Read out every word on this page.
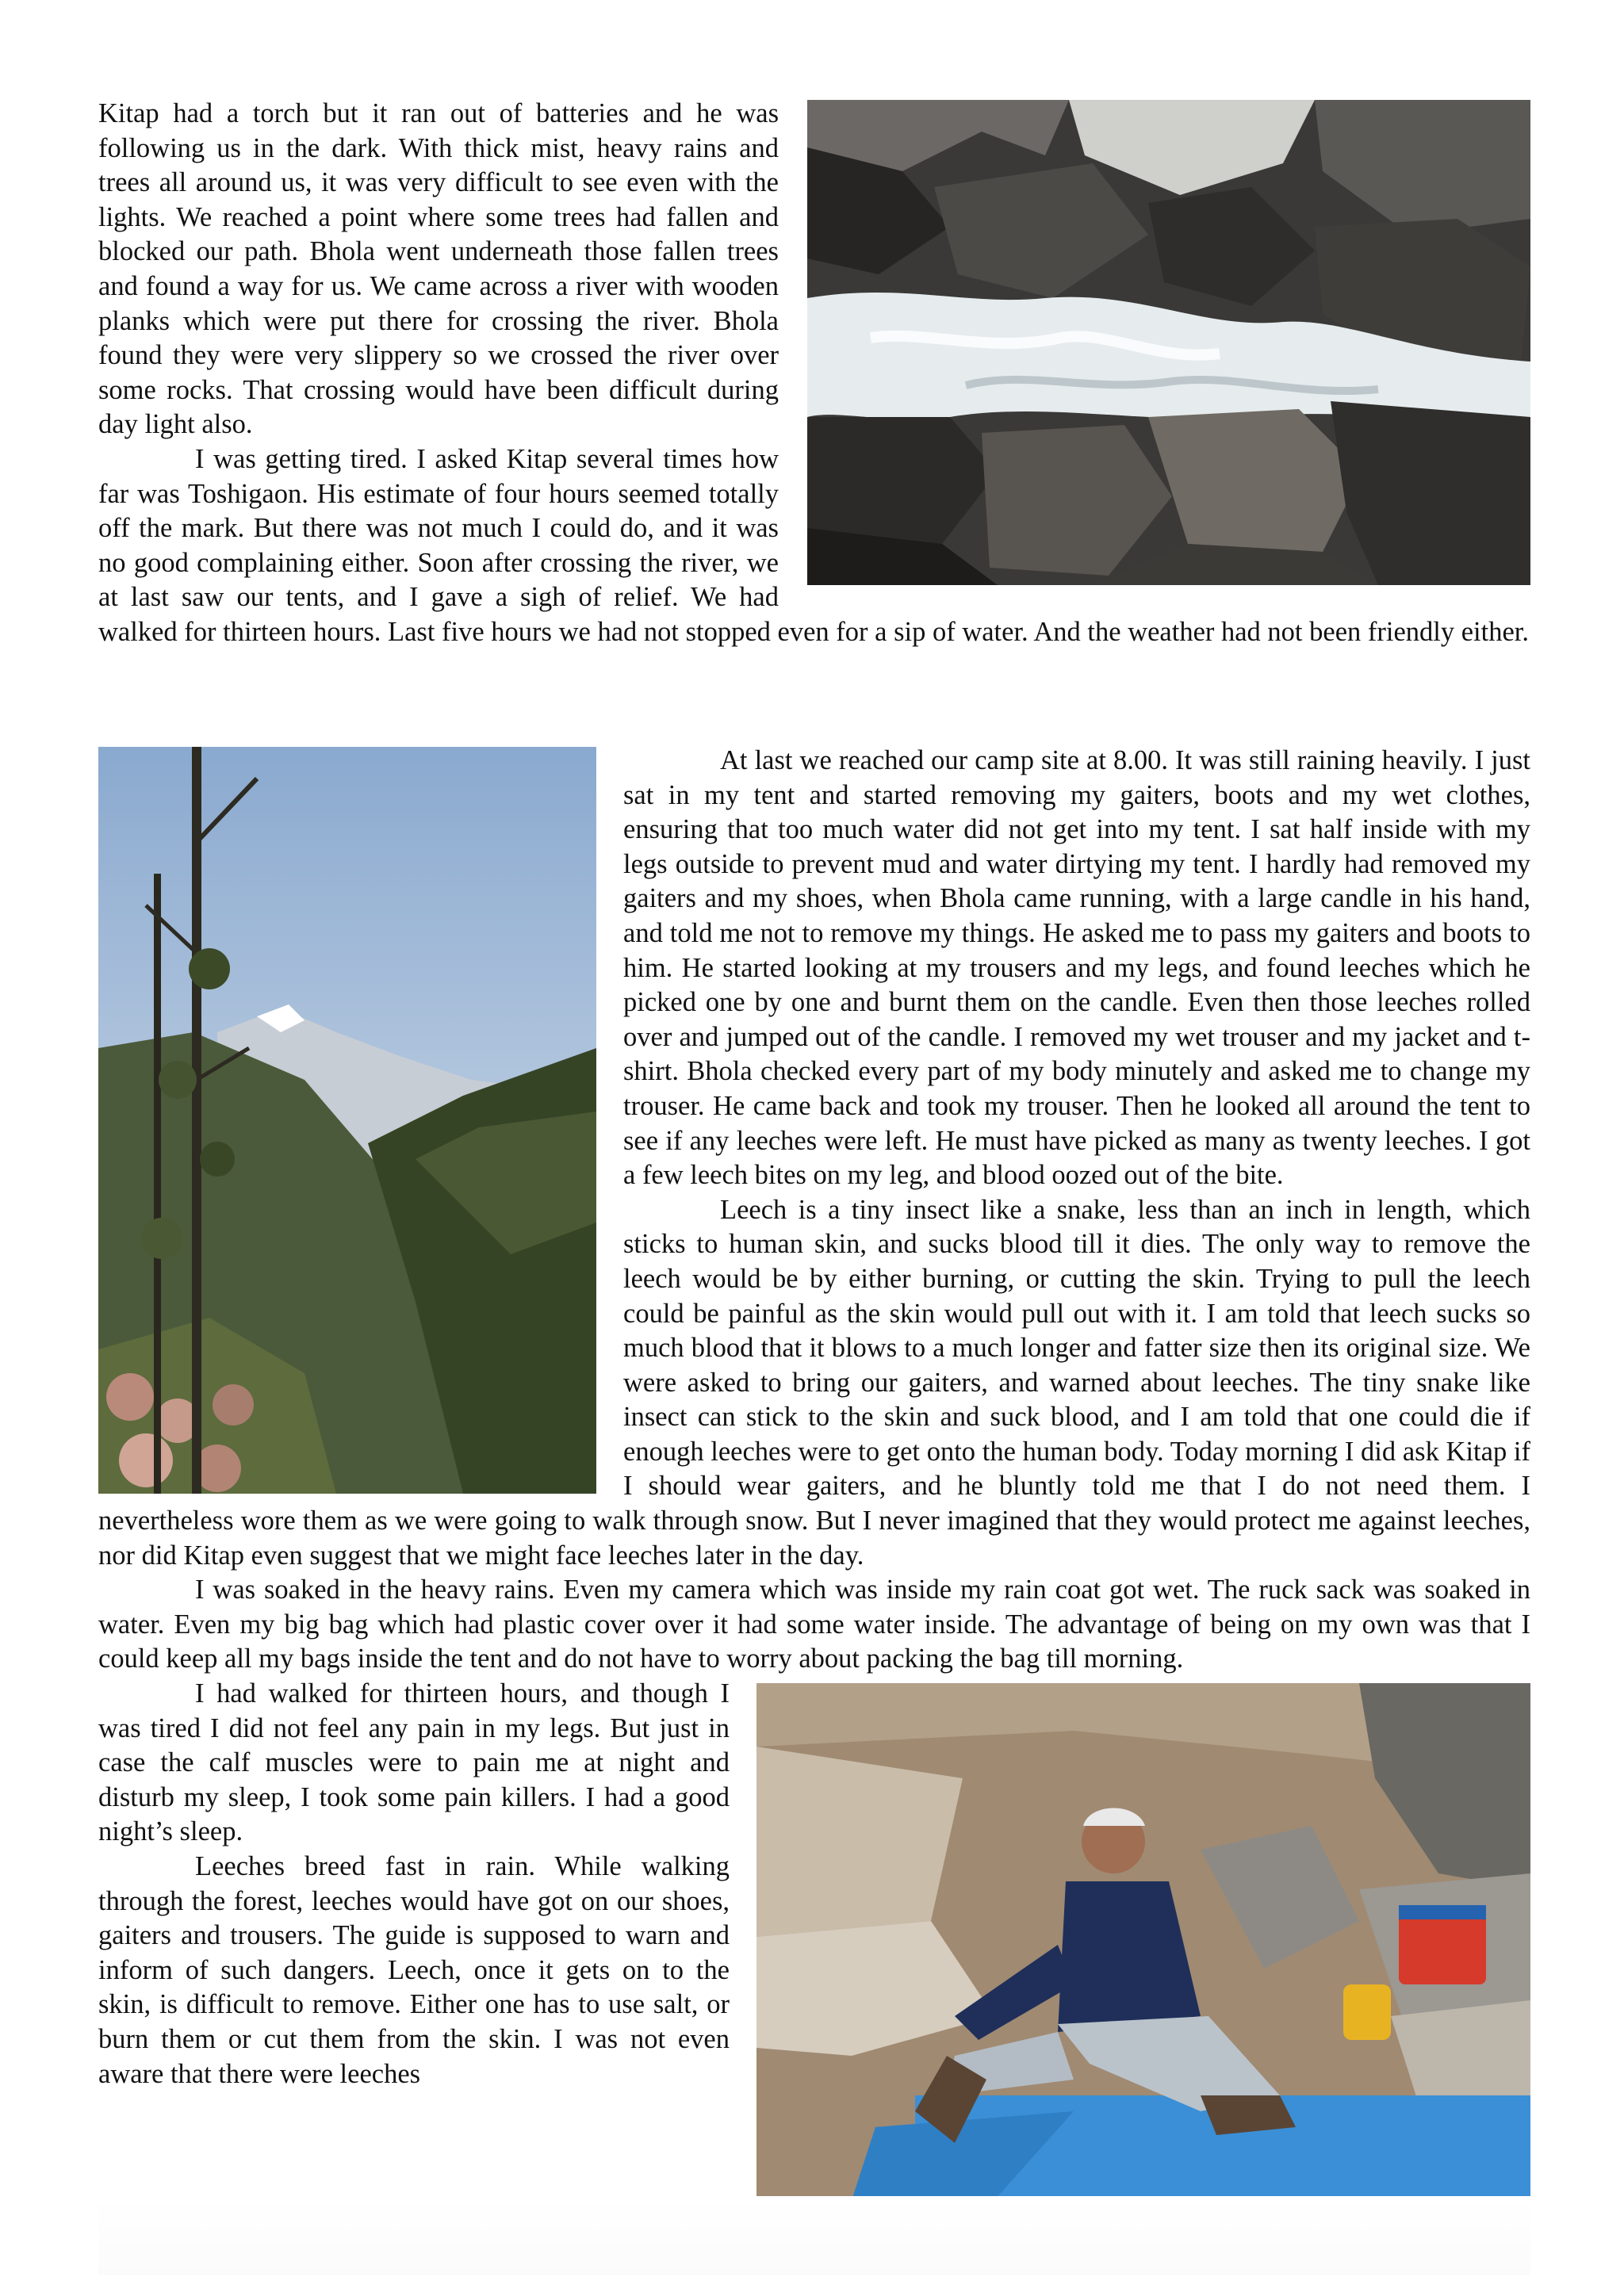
Kitap had a torch but it ran out of batteries and he was following us in the dark. With thick mist, heavy rains and trees all around us, it was very difficult to see even with the lights. We reached a point where some trees had fallen and blocked our path. Bhola went underneath those fallen trees and found a way for us. We came across a river with wooden planks which were put there for crossing the river. Bhola found they were very slippery so we crossed the river over some rocks. That crossing would have been difficult during day light also.

I was getting tired. I asked Kitap several times how far was Toshigaon. His estimate of four hours seemed totally off the mark. But there was not much I could do, and it was no good complaining either. Soon after crossing the river, we at last saw our tents, and I gave a sigh of relief. We had walked for thirteen hours. Last five hours we had not stopped even for a sip of water. And the weather had not been friendly either.

At last we reached our camp site at 8.00. It was still raining heavily. I just sat in my tent and started removing my gaiters, boots and my wet clothes, ensuring that too much water did not get into my tent. I sat half inside with my legs outside to prevent mud and water dirtying my tent. I hardly had removed my gaiters and my shoes, when Bhola came running, with a large candle in his hand, and told me not to remove my things. He asked me to pass my gaiters and boots to him. He started looking at my trousers and my legs, and found leeches which he picked one by one and burnt them on the candle. Even then those leeches rolled over and jumped out of the candle. I removed my wet trouser and my jacket and t-shirt. Bhola checked every part of my body minutely and asked me to change my trouser. He came back and took my trouser. Then he looked all around the tent to see if any leeches were left. He must have picked as many as twenty leeches. I got a few leech bites on my leg, and blood oozed out of the bite.

Leech is a tiny insect like a snake, less than an inch in length, which sticks to human skin, and sucks blood till it dies. The only way to remove the leech would be by either burning, or cutting the skin. Trying to pull the leech could be painful as the skin would pull out with it. I am told that leech sucks so much blood that it blows to a much longer and fatter size then its original size. We were asked to bring our gaiters, and warned about leeches. The tiny snake like insect can stick to the skin and suck blood, and I am told that one could die if enough leeches were to get onto the human body. Today morning I did ask Kitap if I should wear gaiters, and he bluntly told me that I do not need them. I nevertheless wore them as we were going to walk through snow. But I never imagined that they would protect me against leeches, nor did Kitap even suggest that we might face leeches later in the day.

I was soaked in the heavy rains. Even my camera which was inside my rain coat got wet. The ruck sack was soaked in water. Even my big bag which had plastic cover over it had some water inside. The advantage of being on my own was that I could keep all my bags inside the tent and do not have to worry about packing the bag till morning.

I had walked for thirteen hours, and though I was tired I did not feel any pain in my legs. But just in case the calf muscles were to pain me at night and disturb my sleep, I took some pain killers. I had a good night’s sleep.

Leeches breed fast in rain. While walking through the forest, leeches would have got on our shoes, gaiters and trousers. The guide is supposed to warn and inform of such dangers. Leech, once it gets on to the skin, is difficult to remove. Either one has to use salt, or burn them or cut them from the skin. I was not even aware that there were leeches
